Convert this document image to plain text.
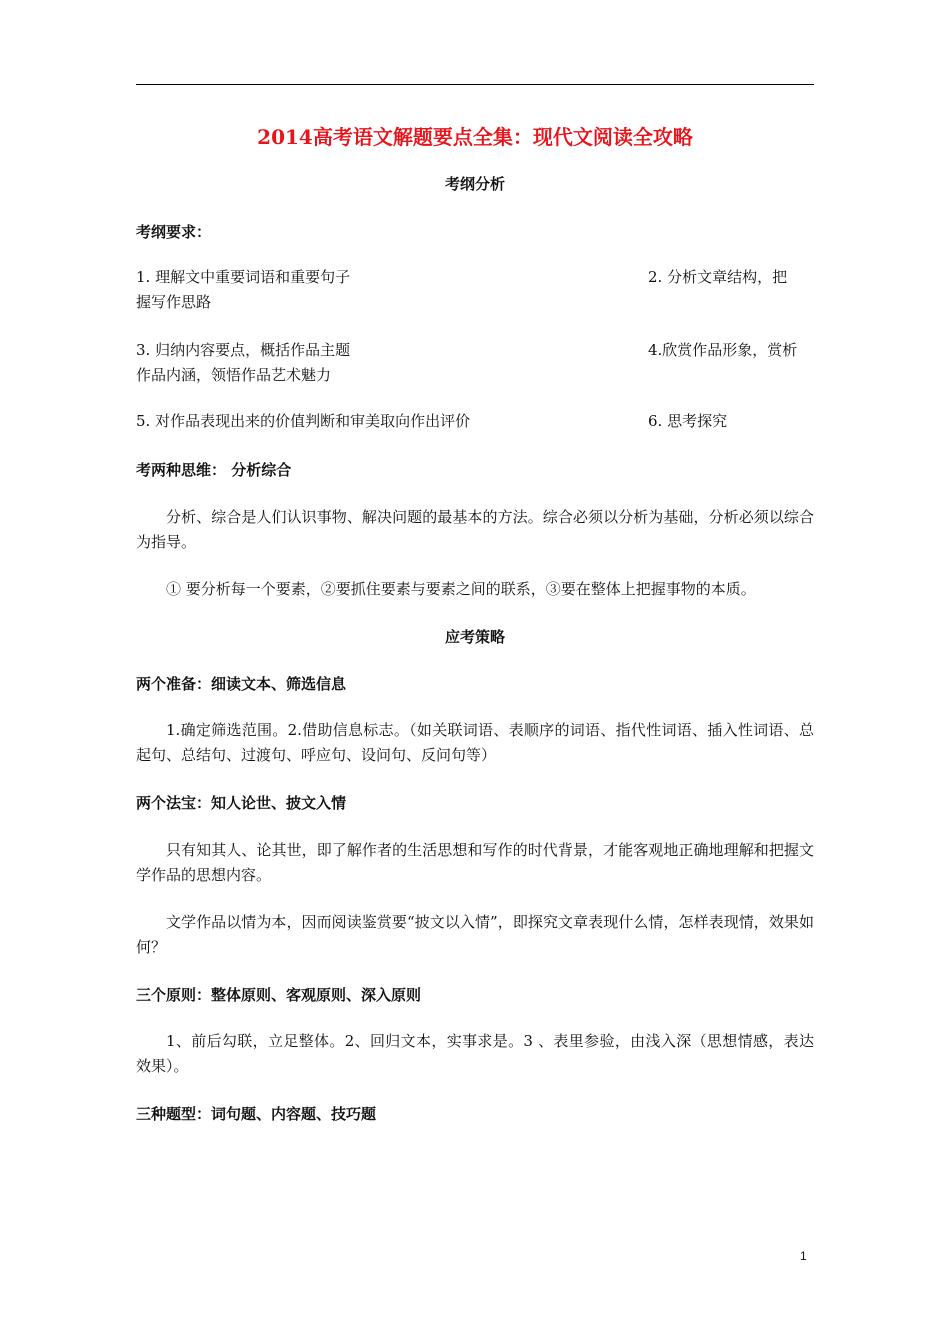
2014高考语文解题要点全集：现代文阅读全攻略
考纲分析
考纲要求：
1. 理解文中重要词语和重要句子	2. 分析文章结构，把
握写作思路
3. 归纳内容要点，概括作品主题	4.欣赏作品形象，赏析
作品内涵，领悟作品艺术魅力
5. 对作品表现出来的价值判断和审美取向作出评价	6. 思考探究
考两种思维： 分析综合
分析、综合是人们认识事物、解决问题的最基本的方法。综合必须以分析为基础，分析必须以综合为指导。
① 要分析每一个要素，②要抓住要素与要素之间的联系，③要在整体上把握事物的本质。
应考策略
两个准备：细读文本、筛选信息
1.确定筛选范围。2.借助信息标志。（如关联词语、表顺序的词语、指代性词语、插入性词语、总起句、总结句、过渡句、呼应句、设问句、反问句等）
两个法宝：知人论世、披文入情
只有知其人、论其世，即了解作者的生活思想和写作的时代背景，才能客观地正确地理解和把握文学作品的思想内容。
文学作品以情为本，因而阅读鉴赏要“披文以入情”，即探究文章表现什么情，怎样表现情，效果如何？
三个原则：整体原则、客观原则、深入原则
1、前后勾联，立足整体。2、回归文本，实事求是。3 、表里参验，由浅入深（思想情感，表达效果）。
三种题型：词句题、内容题、技巧题
1
